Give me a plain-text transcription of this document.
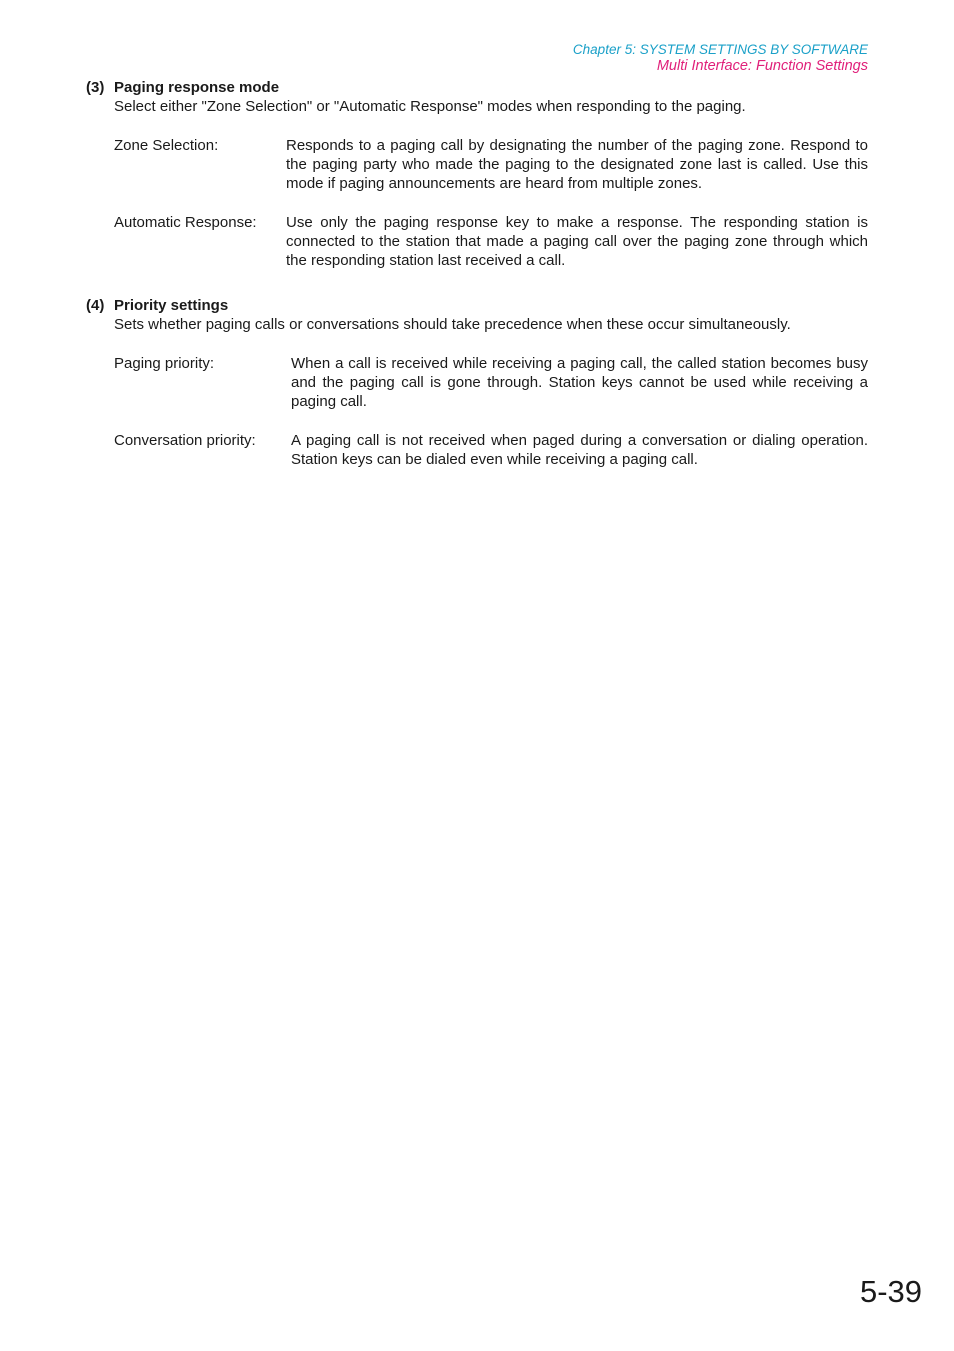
Chapter 5: SYSTEM SETTINGS BY SOFTWARE
Multi Interface: Function Settings
(3) Paging response mode
Select either "Zone Selection" or "Automatic Response" modes when responding to the paging.
Zone Selection:	Responds to a paging call by designating the number of the paging zone. Respond to the paging party who made the paging to the designated zone last is called. Use this mode if paging announcements are heard from multiple zones.
Automatic Response: Use only the paging response key to make a response. The responding station is connected to the station that made a paging call over the paging zone through which the responding station last received a call.
(4) Priority settings
Sets whether paging calls or conversations should take precedence when these occur simultaneously.
Paging priority:	When a call is received while receiving a paging call, the called station becomes busy and the paging call is gone through. Station keys cannot be used while receiving a paging call.
Conversation priority: A paging call is not received when paged during a conversation or dialing operation. Station keys can be dialed even while receiving a paging call.
5-39
